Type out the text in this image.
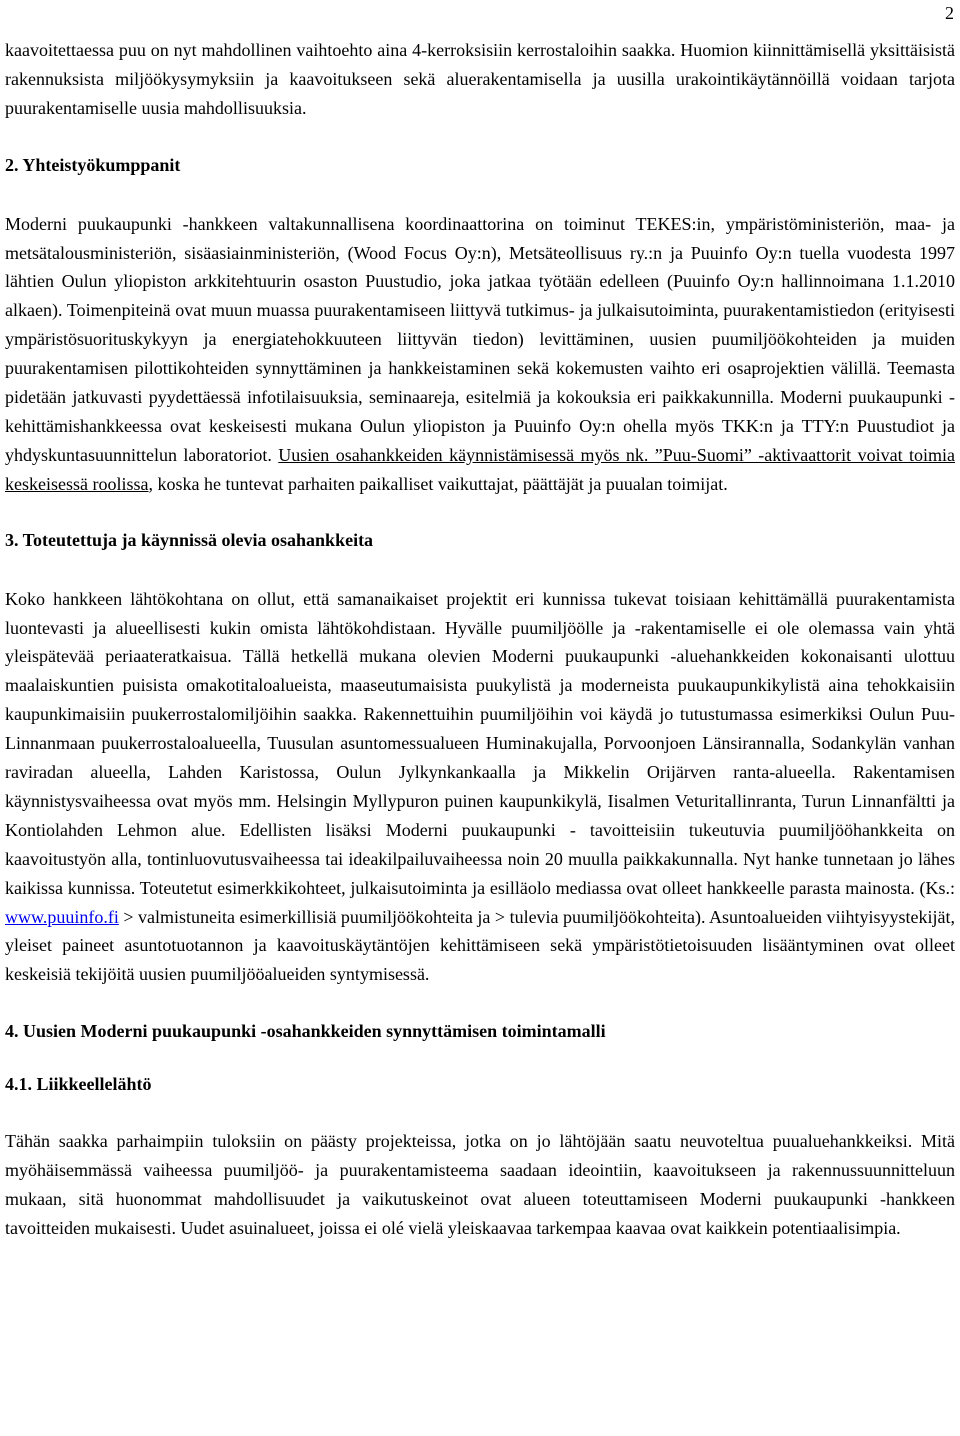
2

kaavoitettaessa puu on nyt mahdollinen vaihtoehto aina 4-kerroksisiin kerrostaloihin saakka. Huomion kiinnittämisellä yksittäisistä rakennuksista miljöökysymyksiin ja kaavoitukseen sekä aluerakentamisella ja uusilla urakointikäytännöillä voidaan tarjota puurakentamiselle uusia mahdollisuuksia.

2. Yhteistyökumppanit

Moderni puukaupunki -hankkeen valtakunnallisena koordinaattorina on toiminut TEKES:in, ympäristöministeriön, maa- ja metsätalousministeriön, sisäasiainministeriön, (Wood Focus Oy:n), Metsäteollisuus ry.:n ja Puuinfo Oy:n tuella vuodesta 1997 lähtien Oulun yliopiston arkkitehtuurin osaston Puustudio, joka jatkaa työtään edelleen (Puuinfo Oy:n hallinnoimana 1.1.2010 alkaen). Toimenpiteinä ovat muun muassa puurakentamiseen liittyvä tutkimus- ja julkaisutoiminta, puurakentamistiedon (erityisesti ympäristösuorituskykyyn ja energiatehokkuuteen liittyvän tiedon) levittäminen, uusien puumiljöökohteiden ja muiden puurakentamisen pilottikohteiden synnyttäminen ja hankkeistaminen sekä kokemusten vaihto eri osaprojektien välillä. Teemasta pidetään jatkuvasti pyydettäessä infotilaisuuksia, seminaareja, esitelmiä ja kokouksia eri paikkakunnilla. Moderni puukaupunki -kehittämishankkeessa ovat keskeisesti mukana Oulun yliopiston ja Puuinfo Oy:n ohella myös TKK:n ja TTY:n Puustudiot ja yhdyskuntasuunnittelun laboratoriot. Uusien osahankkeiden käynnistämisessä myös nk. ”Puu-Suomi” -aktivaattorit voivat toimia keskeisessä roolissa, koska he tuntevat parhaiten paikalliset vaikuttajat, päättäjät ja puualan toimijat.

3. Toteutettuja ja käynnissä olevia osahankkeita

Koko hankkeen lähtökohtana on ollut, että samanaikaiset projektit eri kunnissa tukevat toisiaan kehittämällä puurakentamista luontevasti ja alueellisesti kukin omista lähtökohdistaan. Hyvälle puumiljöölle ja -rakentamiselle ei ole olemassa vain yhtä yleispätevää periaateratkaisua. Tällä hetkellä mukana olevien Moderni puukaupunki -aluehankkeiden kokonaisanti ulottuu maalaiskuntien puisista omakotitaloalueista, maaseutumaisista puukylistä ja moderneista puukaupunkikylistä aina tehokkaisiin kaupunkimaisiin puukerrostalomiljöihin saakka. Rakennettuihin puumiljöihin voi käydä jo tutustumassa esimerkiksi Oulun Puu-Linnanmaan puukerrostaloalueella, Tuusulan asuntomessualueen Huminakujalla, Porvoonjoen Länsirannalla, Sodankylän vanhan raviradan alueella, Lahden Karistossa, Oulun Jylkynkankaalla ja Mikkelin Orijärven ranta-alueella. Rakentamisen käynnistysvaiheessa ovat myös mm. Helsingin Myllypuron puinen kaupunkikylä, Iisalmen Veturitallinranta, Turun Linnanfältti ja Kontiolahden Lehmon alue. Edellisten lisäksi Moderni puukaupunki - tavoitteisiin tukeutuvia puumiljööhankkeita on kaavoitustyön alla, tontinluovutusvaiheessa tai ideakilpailuvaiheessa noin 20 muulla paikkakunnalla. Nyt hanke tunnetaan jo lähes kaikissa kunnissa. Toteutetut esimerkkikohteet, julkaisutoiminta ja esilläolo mediassa ovat olleet hankkeelle parasta mainosta. (Ks.: www.puuinfo.fi > valmistuneita esimerkillisiä puumiljöökohteita ja > tulevia puumiljöökohteita). Asuntoalueiden viihtyisyystekijät, yleiset paineet asuntotuotannon ja kaavoituskäytäntöjen kehittämiseen sekä ympäristötietoisuuden lisääntyminen ovat olleet keskeisiä tekijöitä uusien puumiljööalueiden syntymisessä.

4. Uusien Moderni puukaupunki -osahankkeiden synnyttämisen toimintamalli
4.1. Liikkeellelähtö

Tähän saakka parhaimpiin tuloksiin on päästy projekteissa, jotka on jo lähtöjään saatu neuvoteltua puualuehankkeiksi. Mitä myöhäisemmässä vaiheessa puumiljöö- ja puurakentamisteema saadaan ideointiin, kaavoitukseen ja rakennussuunnitteluun mukaan, sitä huonommat mahdollisuudet ja vaikutuskeinot ovat alueen toteuttamiseen Moderni puukaupunki -hankkeen tavoitteiden mukaisesti. Uudet asuinalueet, joissa ei olé vielä yleiskaavaa tarkempaa kaavaa ovat kaikkein potentiaalisimpia.
